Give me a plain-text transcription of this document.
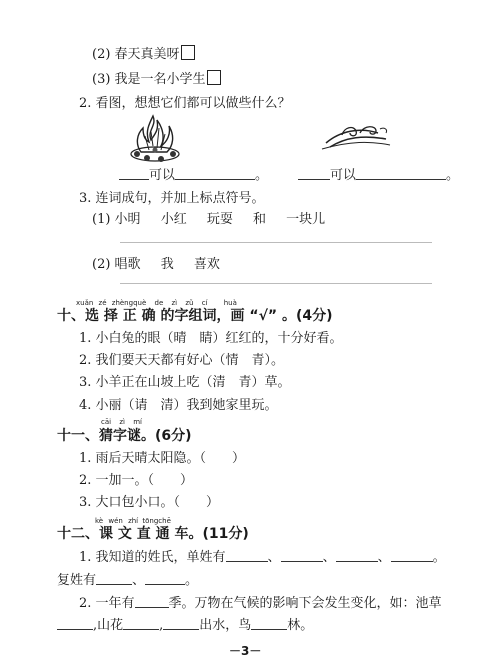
(2) 春天真美呀
(3) 我是一名小学生
2. 看图，想想它们都可以做些什么？
可以	。	可以	。
3. 连词成句，并加上标点符号。
(1) 小明 小红 玩耍 和 一块儿
(2) 唱歌 我 喜欢
xuǎn zé zhèngquè de zì zǔ cí huà
十、选 择 正 确 的字组词，画 “√” 。(4分)
1. 小白兔的眼（晴　睛）红红的，十分好看。
2. 我们要天天都有好心（情　青）。
3. 小羊正在山坡上吃（清　青）草。
4. 小丽（请　清）我到她家里玩。
cāi zì mí
十一、猜字谜。(6分)
1. 雨后天晴太阳隐。（　　）
2. 一加一。（　　）
3. 大口包小口。（　　）
kè wén zhí tōngchē
十二、课 文 直 通 车。(11分)
1. 我知道的姓氏，单姓有	、	、	、	。
复姓有	、	。
2. 一年有	季。万物在气候的影响下会发生变化，如：池草
,山花	,	出水，鸟	林。
－3－
